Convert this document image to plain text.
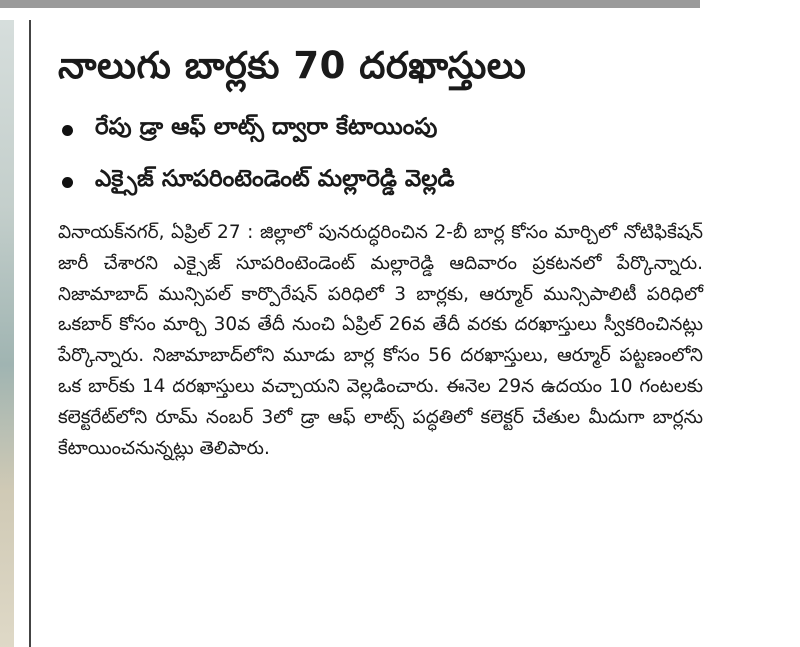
నాలుగు బార్లకు 70 దరఖాస్తులు
రేపు డ్రా ఆఫ్ లాట్స్ ద్వారా కేటాయింపు
ఎక్సైజ్ సూపరింటెండెంట్ మల్లారెడ్డి వెల్లడి

వినాయక్‌నగర్, ఏప్రిల్ 27 : జిల్లాలో పునరుద్ధరించిన 2-బీ బార్ల కోసం మార్చిలో నోటిఫికేషన్ జారీ చేశారని ఎక్సైజ్ సూపరింటెండెంట్ మల్లారెడ్డి ఆదివారం ప్రకటనలో పేర్కొన్నారు. నిజామాబాద్ మున్సిపల్ కార్పొరేషన్ పరిధిలో 3 బార్లకు, ఆర్మూర్ మున్సిపాలిటీ పరిధిలో ఒకబార్ కోసం మార్చి 30వ తేదీ నుంచి ఏప్రిల్ 26వ తేదీ వరకు దరఖాస్తులు స్వీకరించినట్లు పేర్కొన్నారు. నిజామాబాద్‌లోని మూడు బార్ల కోసం 56 దరఖాస్తులు, ఆర్మూర్ పట్టణంలోని ఒక బార్‌కు 14 దరఖాస్తులు వచ్చాయని వెల్లడించారు. ఈనెల 29న ఉదయం 10 గంటలకు కలెక్టరేట్‌లోని రూమ్ నంబర్ 3లో డ్రా ఆఫ్ లాట్స్ పద్ధతిలో కలెక్టర్ చేతుల మీదుగా బార్లను కేటాయించనున్నట్లు తెలిపారు.
